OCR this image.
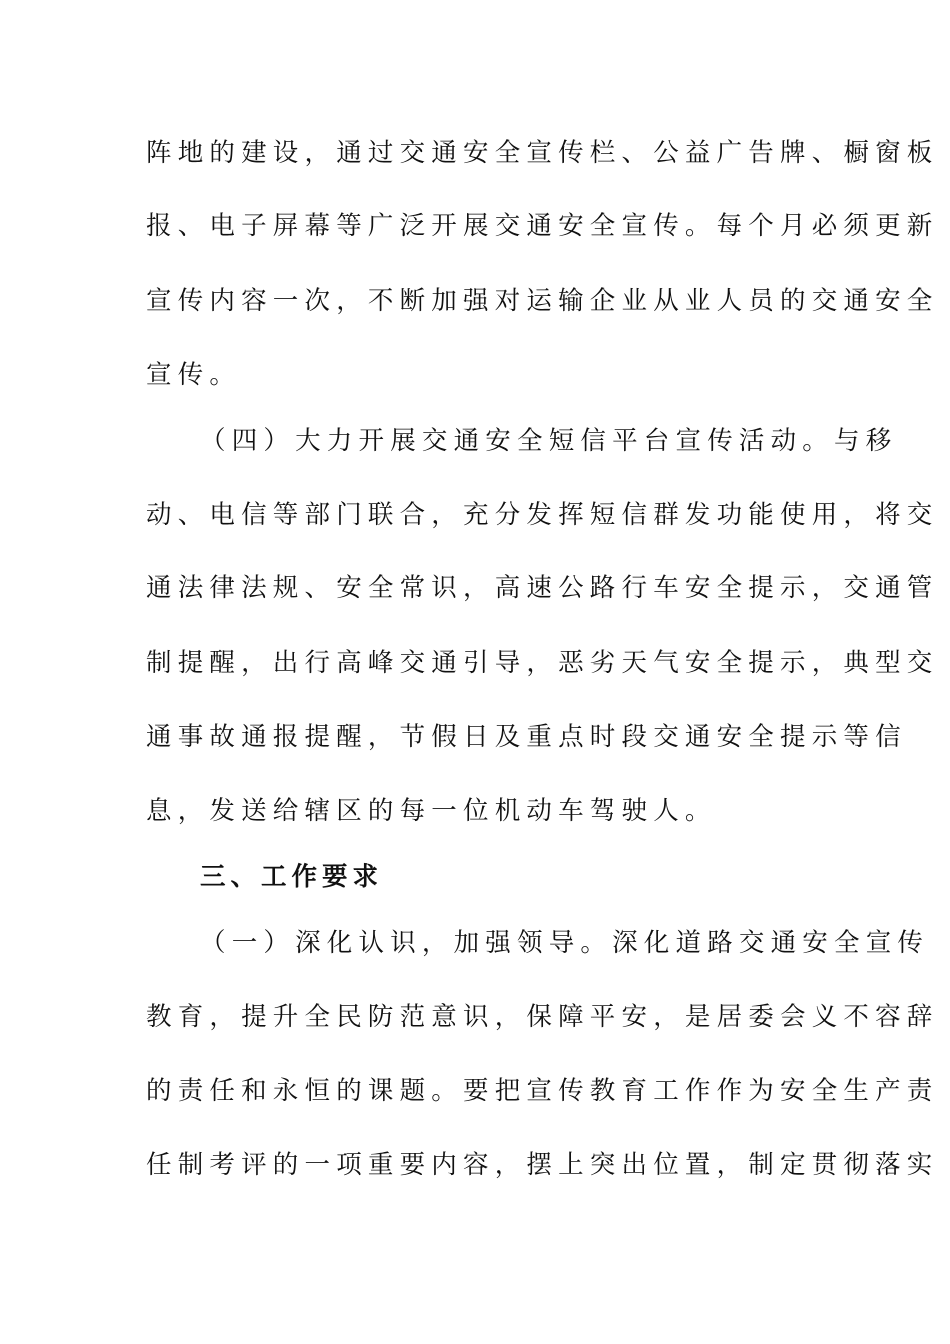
阵地的建设，通过交通安全宣传栏、公益广告牌、橱窗板
报、电子屏幕等广泛开展交通安全宣传。每个月必须更新
宣传内容一次，不断加强对运输企业从业人员的交通安全
宣传。
（四）大力开展交通安全短信平台宣传活动。与移
动、电信等部门联合，充分发挥短信群发功能使用，将交
通法律法规、安全常识，高速公路行车安全提示，交通管
制提醒，出行高峰交通引导，恶劣天气安全提示，典型交
通事故通报提醒，节假日及重点时段交通安全提示等信
息，发送给辖区的每一位机动车驾驶人。
三、工作要求
（一）深化认识，加强领导。深化道路交通安全宣传
教育，提升全民防范意识，保障平安，是居委会义不容辞
的责任和永恒的课题。要把宣传教育工作作为安全生产责
任制考评的一项重要内容，摆上突出位置，制定贯彻落实
